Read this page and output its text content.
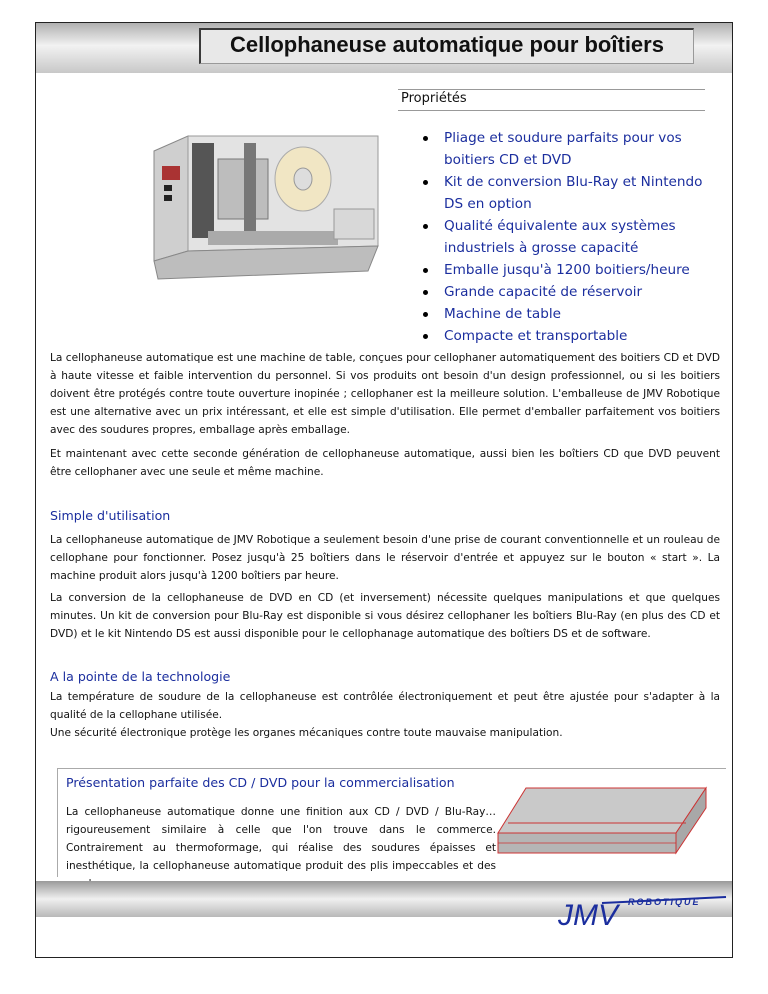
Cellophaneuse automatique pour boîtiers
Propriétés
Pliage et soudure parfaits pour vos boitiers CD et DVD
Kit de conversion Blu-Ray et Nintendo DS en option
Qualité équivalente aux systèmes industriels à grosse capacité
Emballe jusqu'à 1200 boitiers/heure
Grande capacité de réservoir
Machine de table
Compacte et transportable

La cellophaneuse automatique est une machine de table, conçues pour cellophaner automatiquement des boitiers CD et DVD à haute vitesse et faible intervention du personnel. Si vos produits ont besoin d'un design professionnel, ou si les boitiers doivent être protégés contre toute ouverture inopinée ; cellophaner est la meilleure solution. L'emballeuse de JMV Robotique est une alternative avec un prix intéressant, et elle est simple d'utilisation. Elle permet d'emballer parfaitement vos boitiers avec des soudures propres, emballage après emballage.

Et maintenant avec cette seconde génération de cellophaneuse automatique, aussi bien les boîtiers CD que DVD peuvent être cellophaner avec une seule et même machine.

Simple d'utilisation

La cellophaneuse automatique de JMV Robotique a seulement besoin d'une prise de courant conventionnelle et un rouleau de cellophane pour fonctionner. Posez jusqu'à 25 boîtiers dans le réservoir d'entrée et appuyez sur le bouton « start ». La machine produit alors jusqu'à 1200 boîtiers par heure.

La conversion de la cellophaneuse de DVD en CD (et inversement) nécessite quelques manipulations et que quelques minutes. Un kit de conversion pour Blu-Ray est disponible si vous désirez cellophaner les boîtiers Blu-Ray (en plus des CD et DVD) et le kit Nintendo DS est aussi disponible pour le cellophanage automatique des boîtiers DS et de software.

A la pointe de la technologie

La température de soudure de la cellophaneuse est contrôlée électroniquement et peut être ajustée pour s'adapter à la qualité de la cellophane utilisée.

Une sécurité électronique protège les organes mécaniques contre toute mauvaise manipulation.

Présentation parfaite des CD / DVD pour la commercialisation

La cellophaneuse automatique donne une finition aux CD / DVD / Blu-Ray… rigoureusement similaire à celle que l'on trouve dans le commerce. Contrairement au thermoformage, qui réalise des soudures épaisses et inesthétique, la cellophaneuse automatique produit des plis impeccables et des

JMV	ROBOTIQUE
